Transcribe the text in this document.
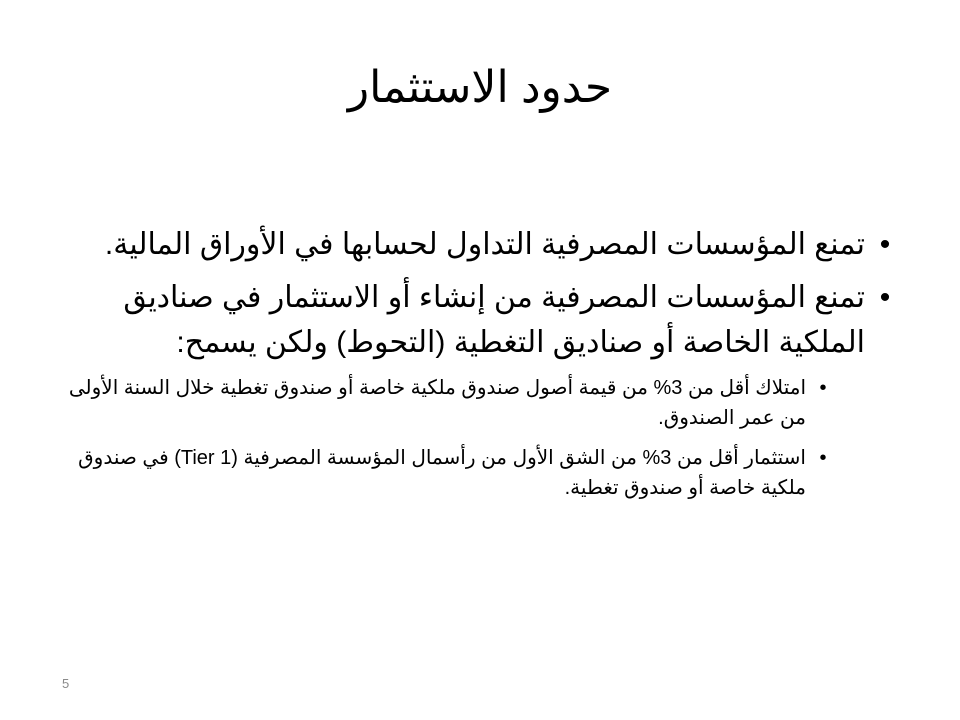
حدود الاستثمار
•
تمنع المؤسسات المصرفية التداول لحسابها في الأوراق المالية.
•
تمنع المؤسسات المصرفية من إنشاء أو الاستثمار في صناديق الملكية الخاصة أو صناديق التغطية (التحوط) ولكن يسمح:
•
امتلاك أقل من 3% من قيمة أصول صندوق ملكية خاصة أو صندوق تغطية خلال السنة الأولى من عمر الصندوق.
•
استثمار أقل من 3% من الشق الأول من رأسمال المؤسسة المصرفية (Tier 1) في صندوق ملكية خاصة أو صندوق تغطية.
5
